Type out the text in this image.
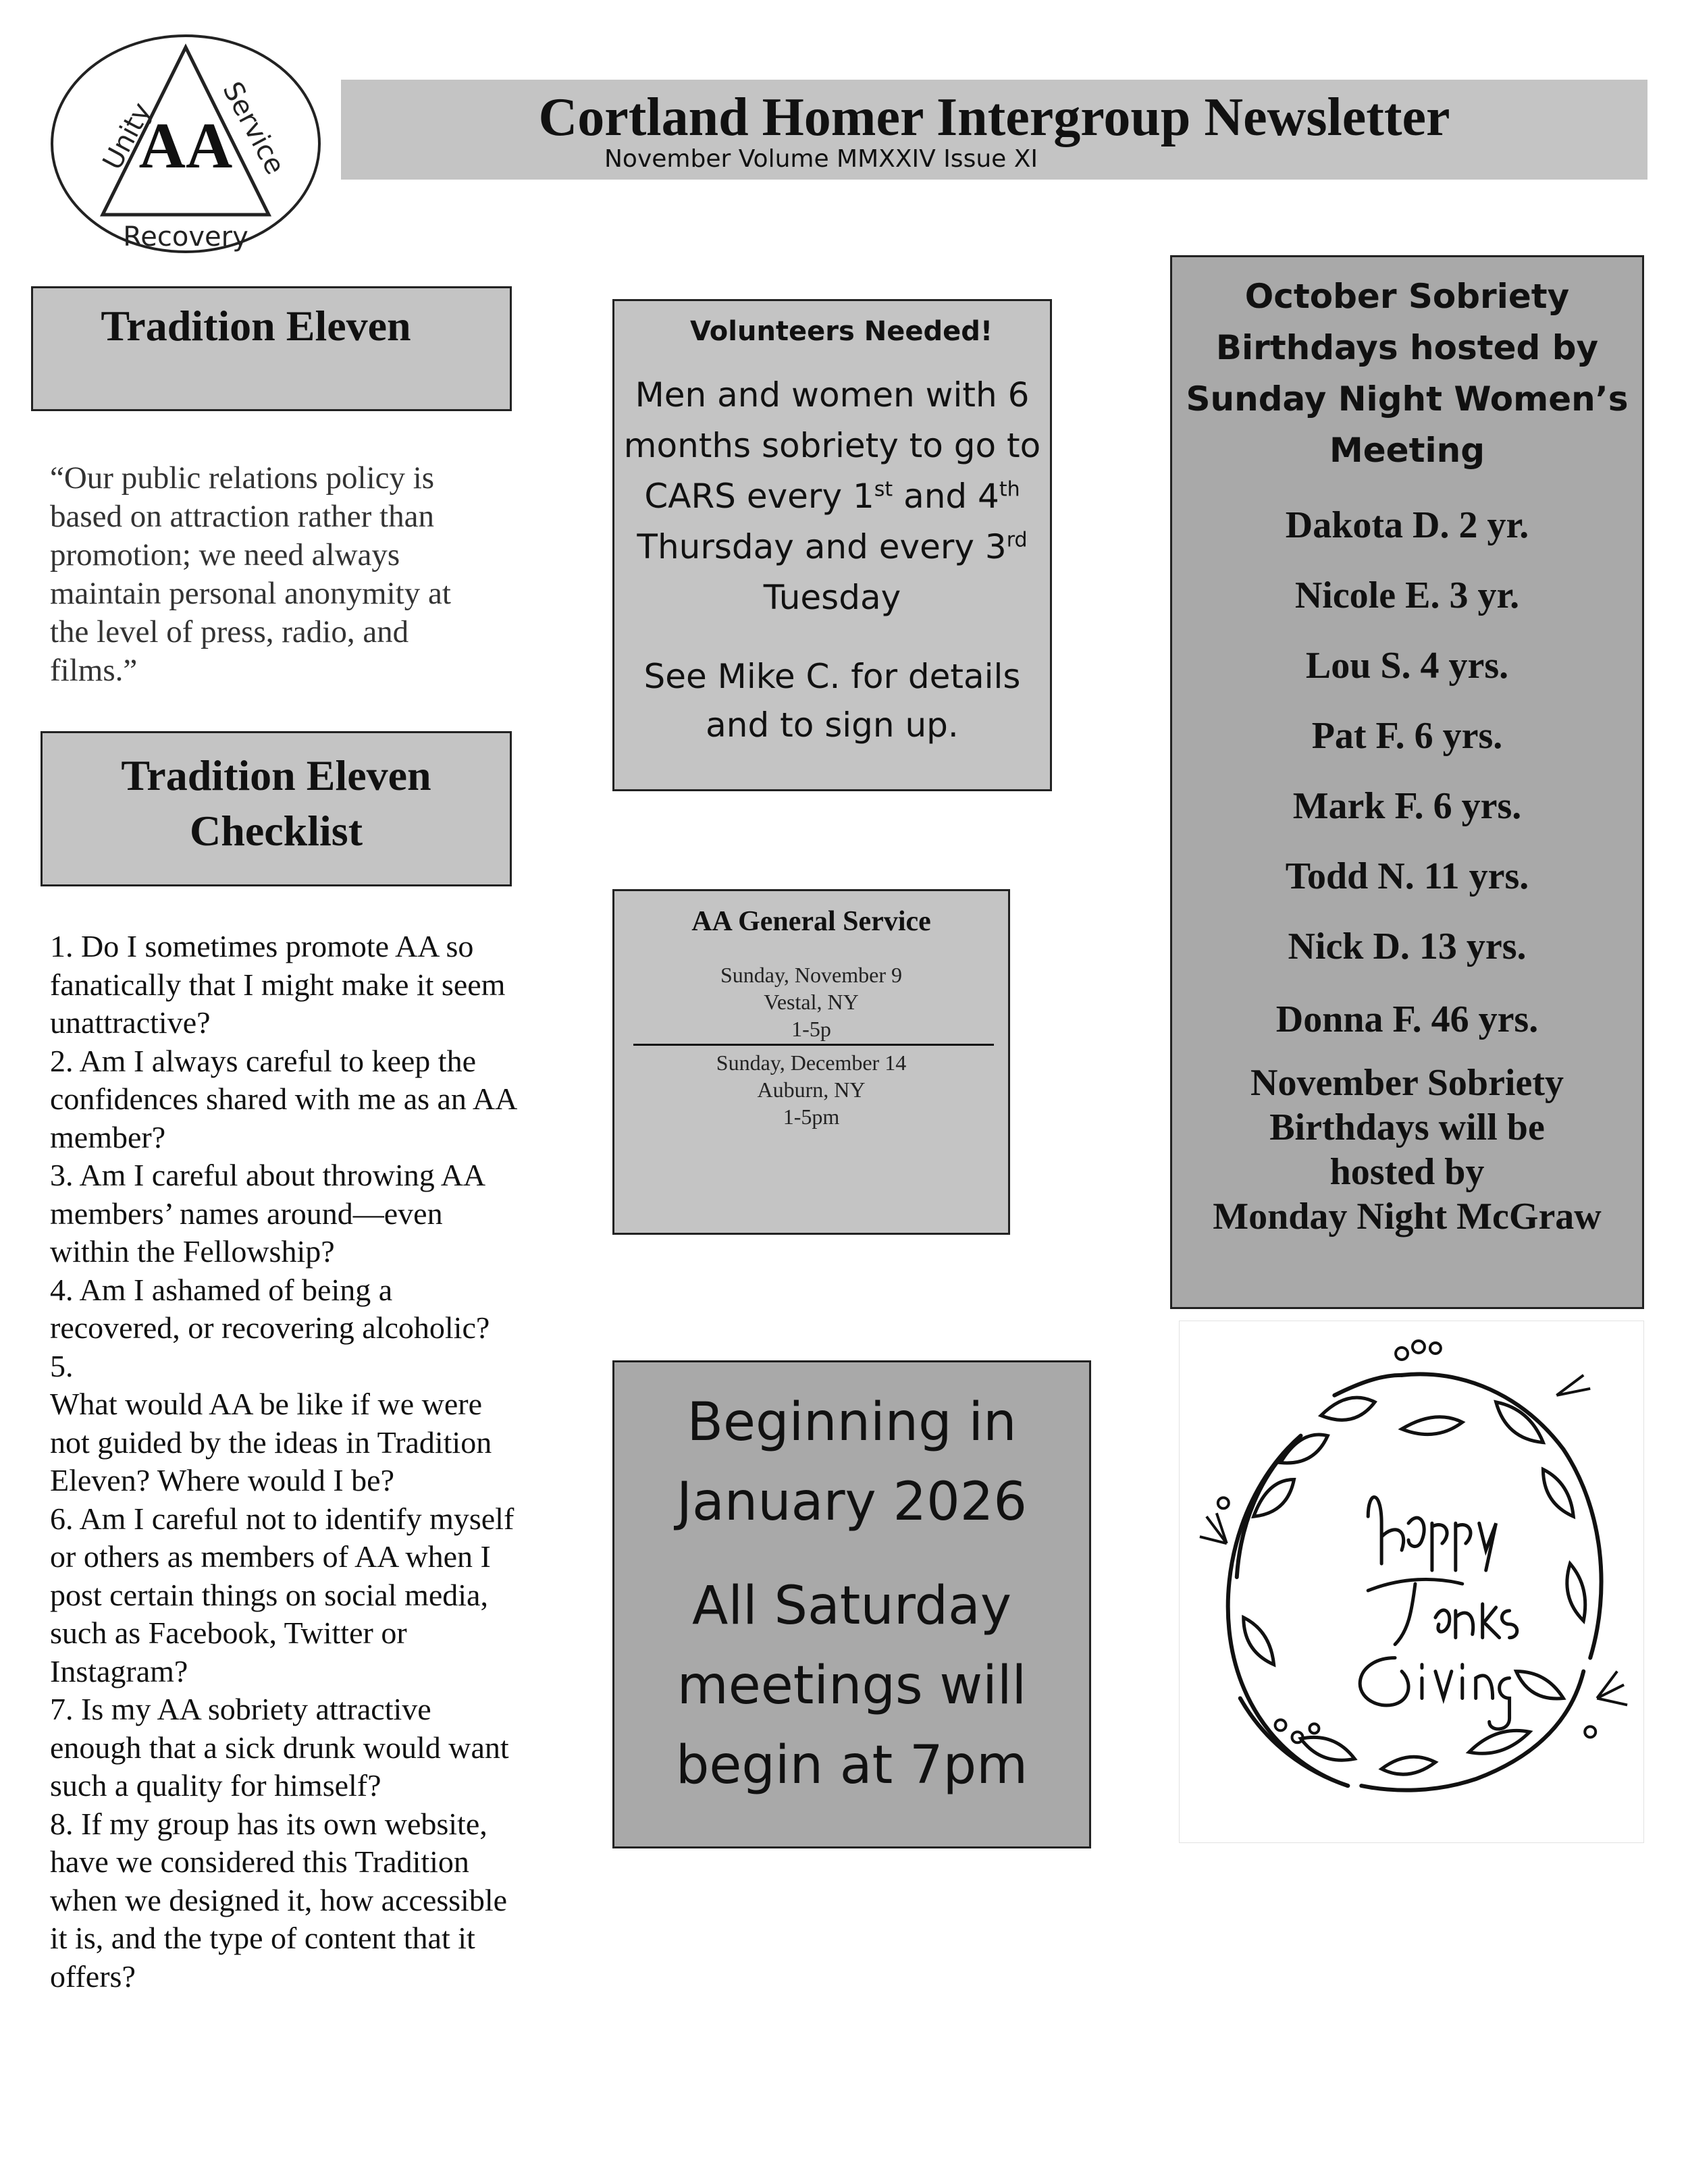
AA
Unity Service
Recovery
Cortland Homer Intergroup Newsletter
November Volume MMXXIV Issue XI
Tradition Eleven
“Our public relations policy is based on attraction rather than promotion; we need always maintain personal anonymity at the level of press, radio, and films.”
Tradition Eleven
Checklist

1. Do I sometimes promote AA so fanatically that I might make it seem unattractive?

2. Am I always careful to keep the confidences shared with me as an AA member?

3. Am I careful about throwing AA members’ names around—even within the Fellowship?

4. Am I ashamed of being a recovered, or recovering alcoholic? 5.

What would AA be like if we were not guided by the ideas in Tradition Eleven? Where would I be?

6. Am I careful not to identify myself or others as members of AA when I post certain things on social media, such as Facebook, Twitter or Instagram?

7. Is my AA sobriety attractive enough that a sick drunk would want such a quality for himself?

8. If my group has its own website, have we considered this Tradition when we designed it, how accessible it is, and the type of content that it offers?

Volunteers Needed!
Men and women with 6
months sobriety to go to
CARS every 1st and 4th
Thursday and every 3rd
Tuesday
See Mike C. for details
and to sign up.
AA General Service
Sunday, November 9
Vestal, NY
1-5p
Sunday, December 14
Auburn, NY
1-5pm

Beginning in
January 2026

All Saturday
meetings will
begin at 7pm

October Sobriety
Birthdays hosted by
Sunday Night Women’s
Meeting
Dakota D. 2 yr.
Nicole E. 3 yr.
Lou S. 4 yrs.
Pat F. 6 yrs.
Mark F. 6 yrs.
Todd N. 11 yrs.
Nick D. 13 yrs.
Donna F. 46 yrs.
November Sobriety
Birthdays will be
hosted by
Monday Night McGraw
